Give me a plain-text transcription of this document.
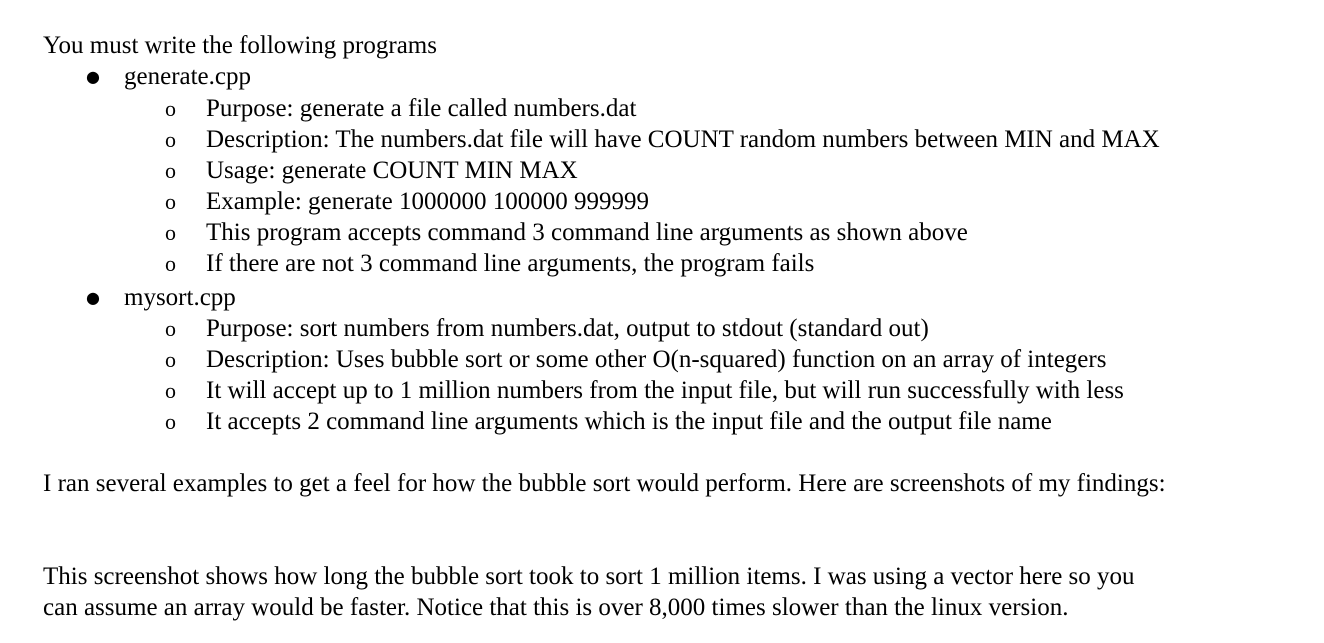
You must write the following programs
● generate.cpp
o Purpose: generate a file called numbers.dat
o Description: The numbers.dat file will have COUNT random numbers between MIN and MAX
o Usage: generate COUNT MIN MAX
o Example: generate 1000000 100000 999999
o This program accepts command 3 command line arguments as shown above
o If there are not 3 command line arguments, the program fails
● mysort.cpp
o Purpose: sort numbers from numbers.dat, output to stdout (standard out)
o Description: Uses bubble sort or some other O(n-squared) function on an array of integers
o It will accept up to 1 million numbers from the input file, but will run successfully with less
o It accepts 2 command line arguments which is the input file and the output file name
I ran several examples to get a feel for how the bubble sort would perform. Here are screenshots of my findings:
This screenshot shows how long the bubble sort took to sort 1 million items. I was using a vector here so you
can assume an array would be faster. Notice that this is over 8,000 times slower than the linux version.
